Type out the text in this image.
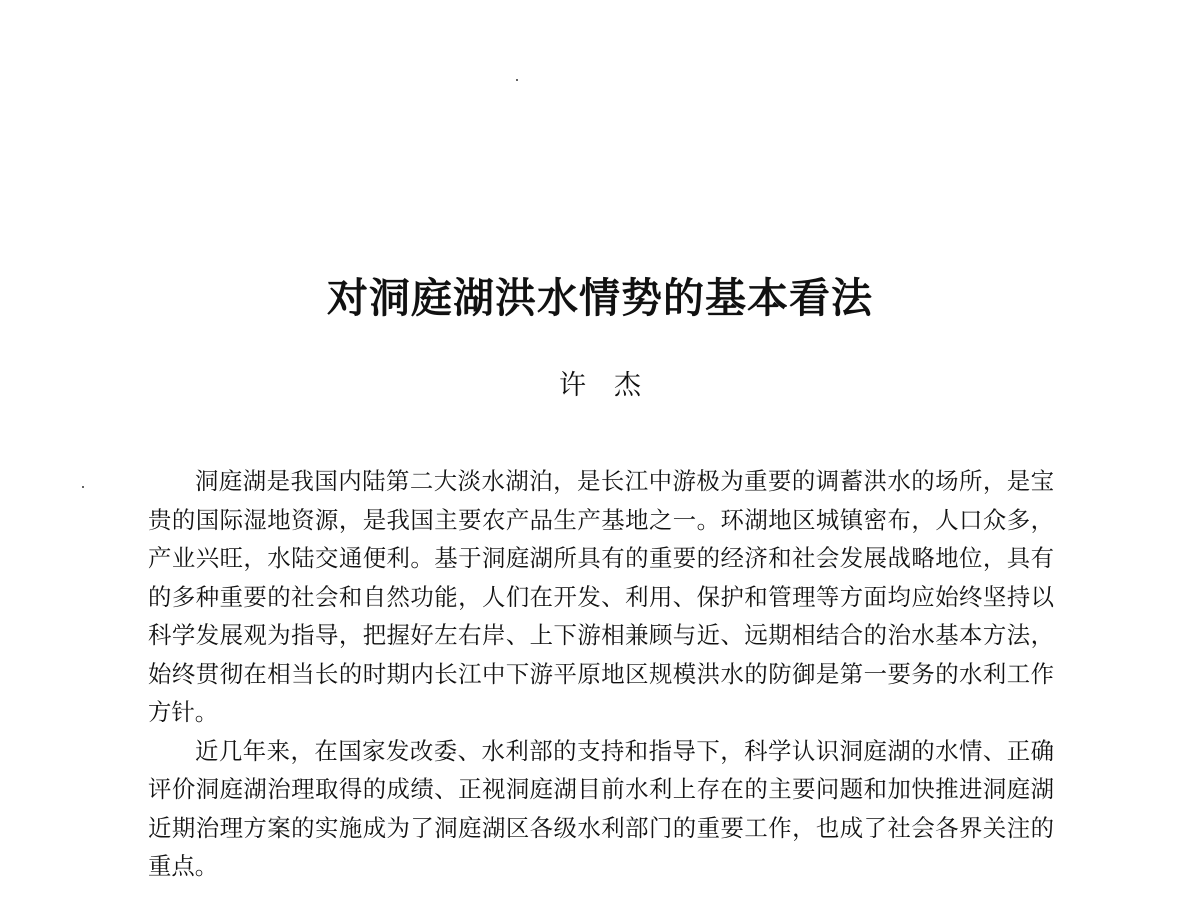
对洞庭湖洪水情势的基本看法

许杰

洞庭湖是我国内陆第二大淡水湖泊，是长江中游极为重要的调蓄洪水的场所，是宝贵的国际湿地资源，是我国主要农产品生产基地之一。环湖地区城镇密布，人口众多，产业兴旺，水陆交通便利。基于洞庭湖所具有的重要的经济和社会发展战略地位，具有的多种重要的社会和自然功能，人们在开发、利用、保护和管理等方面均应始终坚持以科学发展观为指导，把握好左右岸、上下游相兼顾与近、远期相结合的治水基本方法，始终贯彻在相当长的时期内长江中下游平原地区规模洪水的防御是第一要务的水利工作方针。

近几年来，在国家发改委、水利部的支持和指导下，科学认识洞庭湖的水情、正确评价洞庭湖治理取得的成绩、正视洞庭湖目前水利上存在的主要问题和加快推进洞庭湖近期治理方案的实施成为了洞庭湖区各级水利部门的重要工作，也成了社会各界关注的重点。
